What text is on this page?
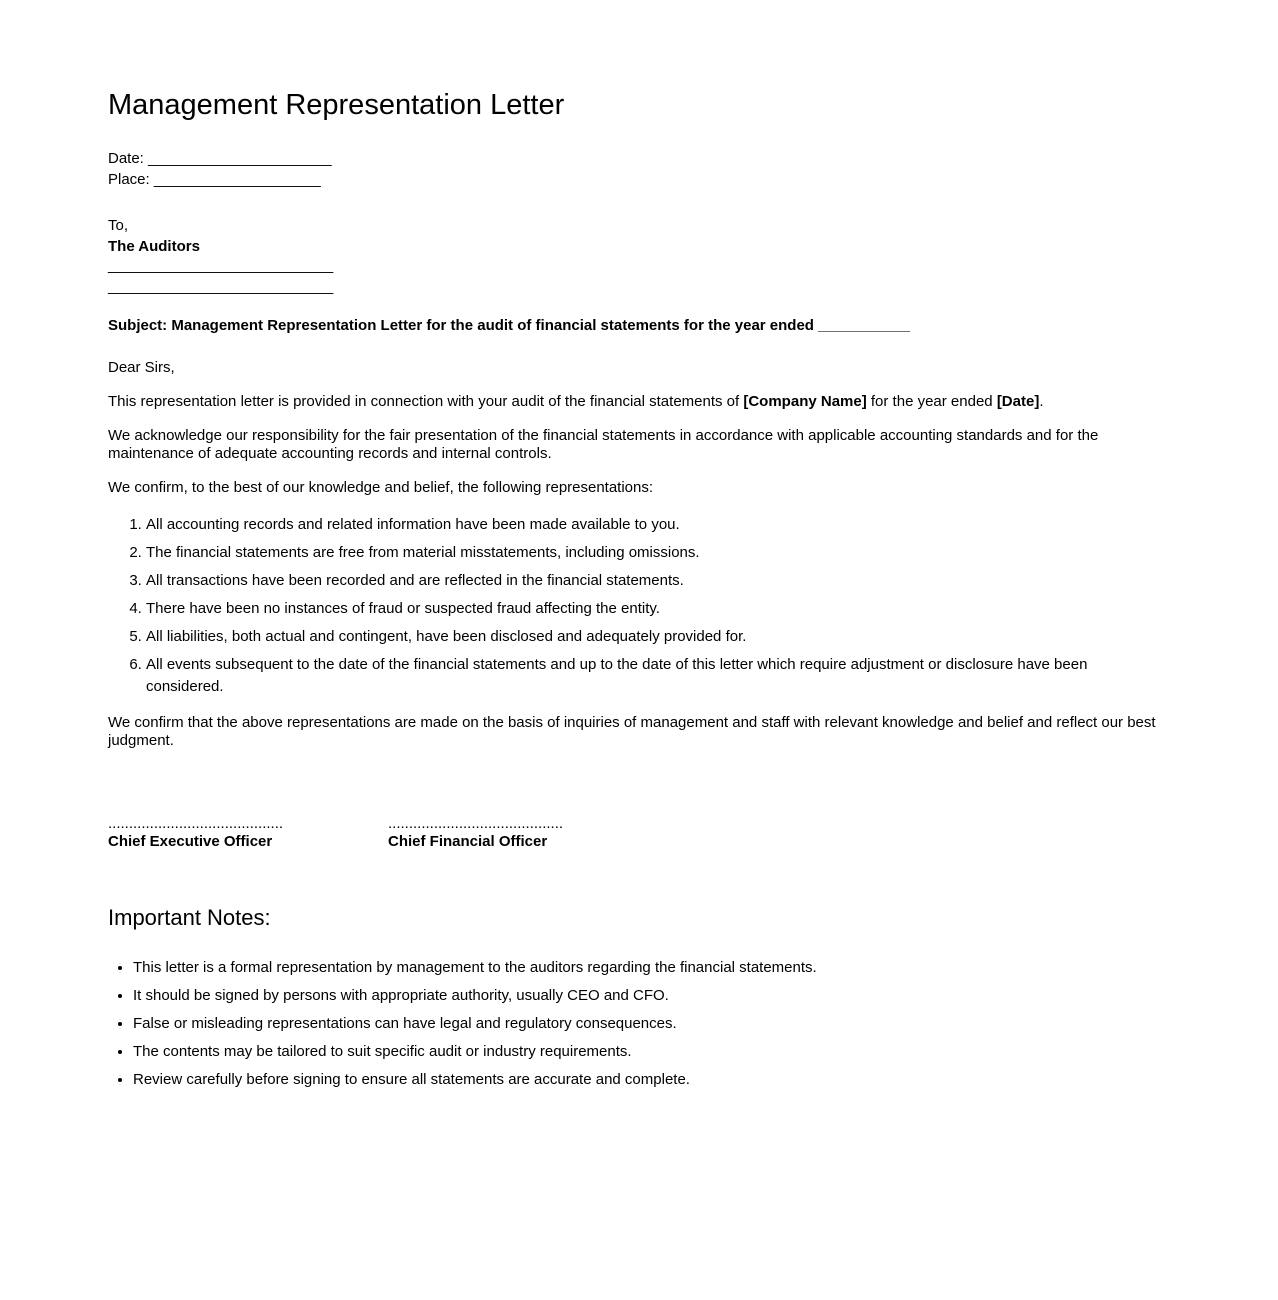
Management Representation Letter
Date: ______________________
Place: ____________________
To,
The Auditors
___________________________
___________________________

Subject: Management Representation Letter for the audit of financial statements for the year ended ___________

Dear Sirs,

This representation letter is provided in connection with your audit of the financial statements of [Company Name] for the year ended [Date].

We acknowledge our responsibility for the fair presentation of the financial statements in accordance with applicable accounting standards and for the maintenance of adequate accounting records and internal controls.

We confirm, to the best of our knowledge and belief, the following representations:

1. All accounting records and related information have been made available to you.
2. The financial statements are free from material misstatements, including omissions.
3. All transactions have been recorded and are reflected in the financial statements.
4. There have been no instances of fraud or suspected fraud affecting the entity.
5. All liabilities, both actual and contingent, have been disclosed and adequately provided for.
6. All events subsequent to the date of the financial statements and up to the date of this letter which require adjustment or disclosure have been considered.

We confirm that the above representations are made on the basis of inquiries of management and staff with relevant knowledge and belief and reflect our best judgment.

..........................................
Chief Executive Officer
..........................................
Chief Financial Officer
Important Notes:
• This letter is a formal representation by management to the auditors regarding the financial statements.
• It should be signed by persons with appropriate authority, usually CEO and CFO.
• False or misleading representations can have legal and regulatory consequences.
• The contents may be tailored to suit specific audit or industry requirements.
• Review carefully before signing to ensure all statements are accurate and complete.
